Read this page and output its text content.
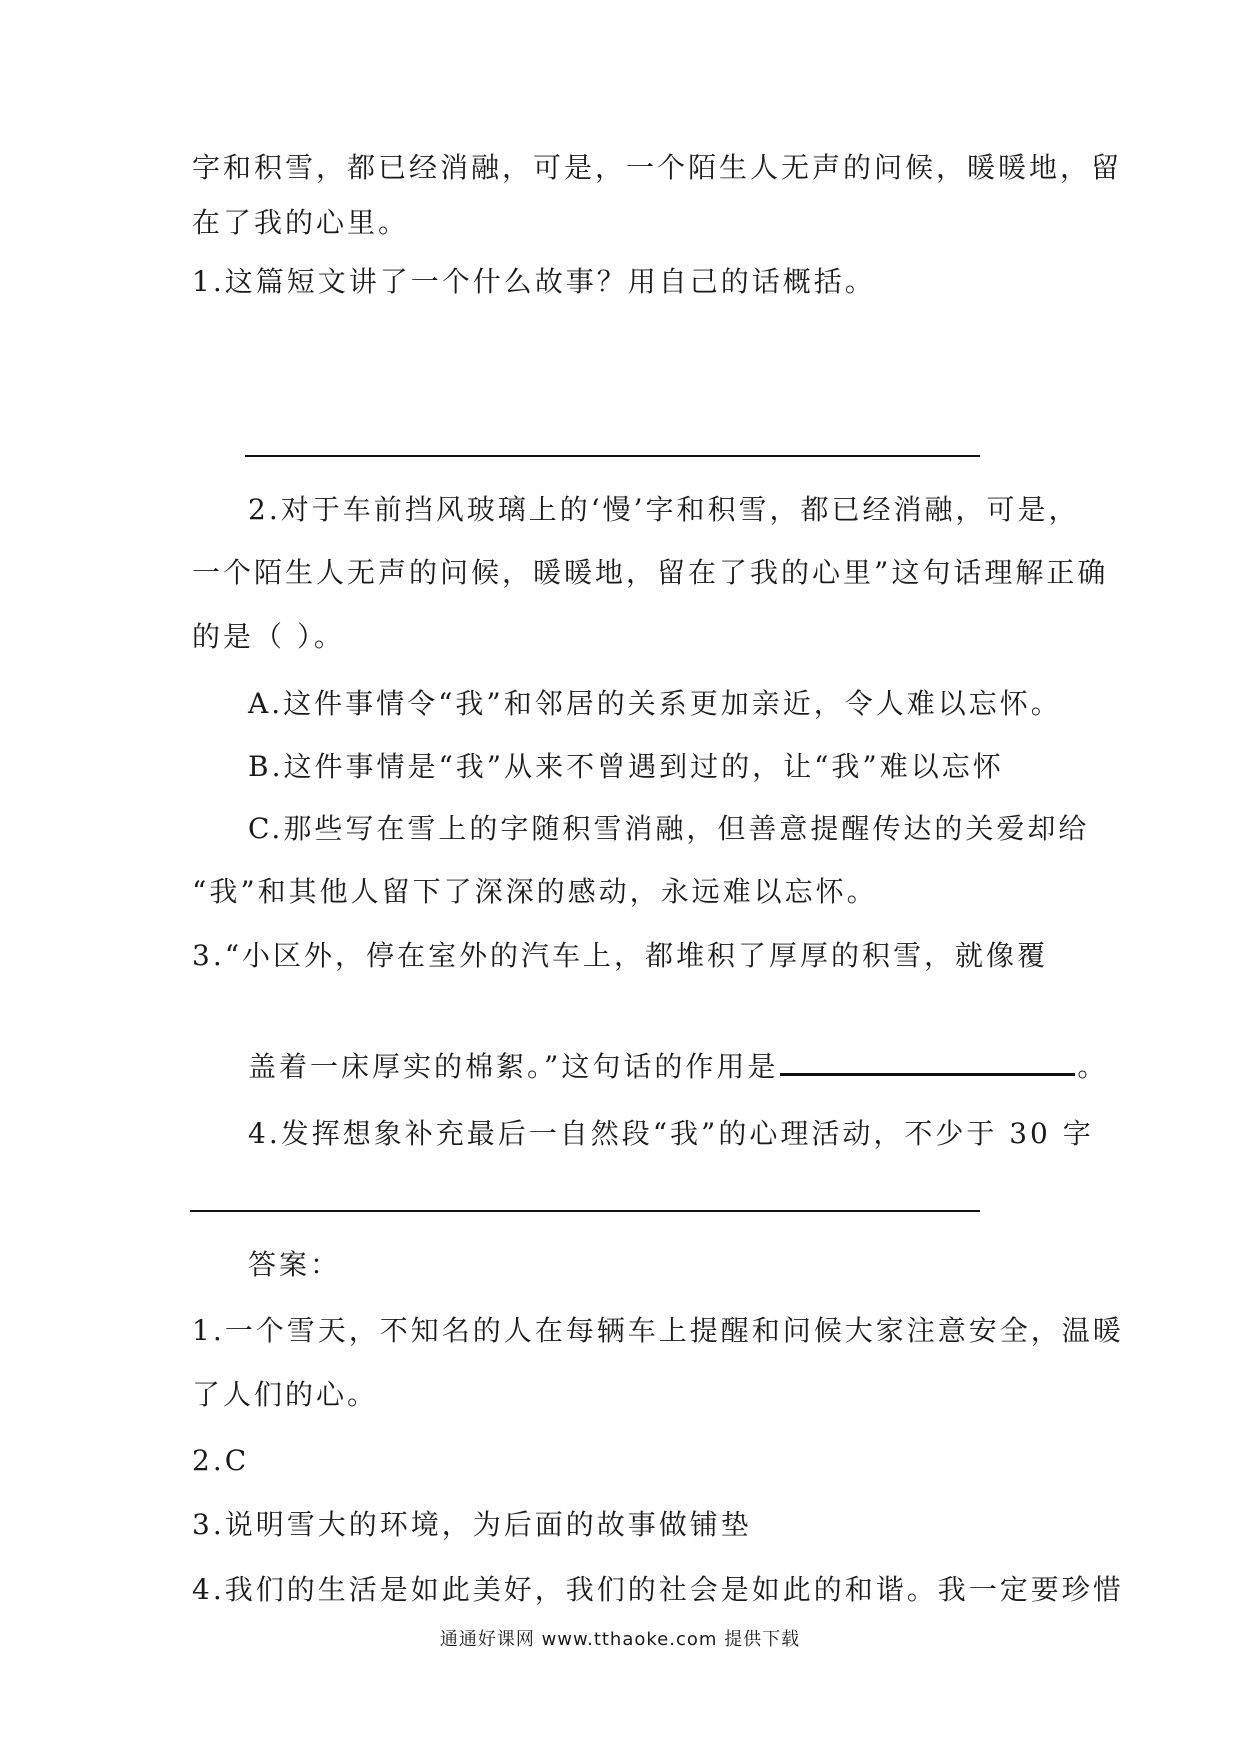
字和积雪，都已经消融，可是，一个陌生人无声的问候，暖暖地，留
在了我的心里。
1.这篇短文讲了一个什么故事？用自己的话概括。
2.对于车前挡风玻璃上的‘慢’字和积雪，都已经消融，可是，
一个陌生人无声的问候，暖暖地，留在了我的心里”这句话理解正确
的是（ ）。
A.这件事情令“我”和邻居的关系更加亲近，令人难以忘怀。
B.这件事情是“我”从来不曾遇到过的，让“我”难以忘怀
C.那些写在雪上的字随积雪消融，但善意提醒传达的关爱却给
“我”和其他人留下了深深的感动，永远难以忘怀。
3.“小区外，停在室外的汽车上，都堆积了厚厚的积雪，就像覆
盖着一床厚实的棉絮。”这句话的作用是	。
4.发挥想象补充最后一自然段“我”的心理活动，不少于 30 字
答案：
1.一个雪天，不知名的人在每辆车上提醒和问候大家注意安全，温暖
了人们的心。
2.C
3.说明雪大的环境，为后面的故事做铺垫
4.我们的生活是如此美好，我们的社会是如此的和谐。我一定要珍惜
通通好课网 www.tthaoke.com 提供下载
